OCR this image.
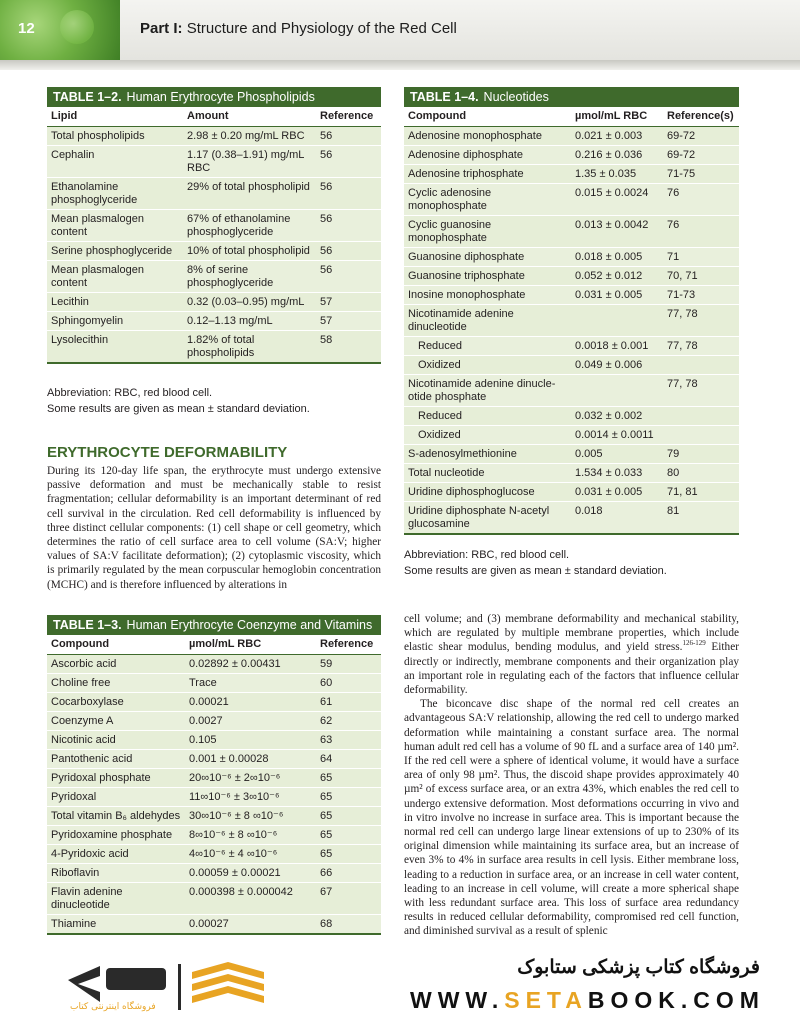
12	Part I: Structure and Physiology of the Red Cell
TABLE 1–2. Human Erythrocyte Phospholipids
Lipid	Amount	Reference
Total phospholipids	2.98 ± 0.20 mg/mL RBC	56
Cephalin	1.17 (0.38–1.91) mg/mL RBC	56
Ethanolamine phosphoglyceride	29% of total phospholipid	56
Mean plasmalogen content	67% of ethanolamine phosphoglyceride	56
Serine phosphoglyceride	10% of total phospholipid	56
Mean plasmalogen content	8% of serine phosphoglyceride	56
Lecithin	0.32 (0.03–0.95) mg/mL	57
Sphingomyelin	0.12–1.13 mg/mL	57
Lysolecithin	1.82% of total phospholipids	58
Abbreviation: RBC, red blood cell.
Some results are given as mean ± standard deviation.
TABLE 1–4. Nucleotides
Compound	µmol/mL RBC	Reference(s)
Adenosine monophosphate	0.021 ± 0.003	69-72
Adenosine diphosphate	0.216 ± 0.036	69-72
Adenosine triphosphate	1.35 ± 0.035	71-75
Cyclic adenosine monophosphate	0.015 ± 0.0024	76
Cyclic guanosine monophosphate	0.013 ± 0.0042	76
Guanosine diphosphate	0.018 ± 0.005	71
Guanosine triphosphate	0.052 ± 0.012	70, 71
Inosine monophosphate	0.031 ± 0.005	71-73
Nicotinamide adenine dinucleotide		77, 78
Reduced	0.0018 ± 0.001	77, 78
Oxidized	0.049 ± 0.006	
Nicotinamide adenine dinucle-otide phosphate		77, 78
Reduced	0.032 ± 0.002	
Oxidized	0.0014 ± 0.0011	
S-adenosylmethionine	0.005	79
Total nucleotide	1.534 ± 0.033	80
Uridine diphosphoglucose	0.031 ± 0.005	71, 81
Uridine diphosphate N-acetyl glucosamine	0.018	81
Abbreviation: RBC, red blood cell.
Some results are given as mean ± standard deviation.
ERYTHROCYTE DEFORMABILITY

During its 120-day life span, the erythrocyte must undergo extensive passive deformation and must be mechanically stable to resist fragmentation; cellular deformability is an important determinant of red cell survival in the circulation. Red cell deformability is influenced by three distinct cellular components: (1) cell shape or cell geometry, which determines the ratio of cell surface area to cell volume (SA:V; higher values of SA:V facilitate deformation); (2) cytoplasmic viscosity, which is primarily regulated by the mean corpuscular hemoglobin concentration (MCHC) and is therefore influenced by alterations in

TABLE 1–3. Human Erythrocyte Coenzyme and Vitamins
Compound	µmol/mL RBC	Reference
Ascorbic acid	0.02892 ± 0.00431	59
Choline free	Trace	60
Cocarboxylase	0.00021	61
Coenzyme A	0.0027	62
Nicotinic acid	0.105	63
Pantothenic acid	0.001 ± 0.00028	64
Pyridoxal phosphate	20∞10⁻⁶ ± 2∞10⁻⁶	65
Pyridoxal	11∞10⁻⁶ ± 3∞10⁻⁶	65
Total vitamin B₆ aldehydes	30∞10⁻⁶ ± 8 ∞10⁻⁶	65
Pyridoxamine phosphate	8∞10⁻⁶ ± 8 ∞10⁻⁶	65
4-Pyridoxic acid	4∞10⁻⁶ ± 4 ∞10⁻⁶	65
Riboflavin	0.00059 ± 0.00021	66
Flavin adenine dinucleotide	0.000398 ± 0.000042	67
Thiamine	0.00027	68

cell volume; and (3) membrane deformability and mechanical stability, which are regulated by multiple membrane properties, which include elastic shear modulus, bending modulus, and yield stress.$^{126-129}$ Either directly or indirectly, membrane components and their organization play an important role in regulating each of the factors that influence cellular deformability.

The biconcave disc shape of the normal red cell creates an advantageous SA:V relationship, allowing the red cell to undergo marked deformation while maintaining a constant surface area. The normal human adult red cell has a volume of 90 fL and a surface area of 140 µm². If the red cell were a sphere of identical volume, it would have a surface area of only 98 µm². Thus, the discoid shape provides approximately 40 µm² of excess surface area, or an extra 43%, which enables the red cell to undergo extensive deformation. Most deformations occurring in vivo and in vitro involve no increase in surface area. This is important because the normal red cell can undergo large linear extensions of up to 230% of its original dimension while maintaining its surface area, but an increase of even 3% to 4% in surface area results in cell lysis. Either membrane loss, leading to a reduction in surface area, or an increase in cell water content, leading to an increase in cell volume, will create a more spherical shape with less redundant surface area. This loss of surface area redundancy results in reduced cellular deformability, compromised red cell function, and diminished survival as a result of splenic

فروشگاه اینترنتی کتاب
فروشگاه کتاب پزشکی ستابوک
WWW.SETABOOK.COM
